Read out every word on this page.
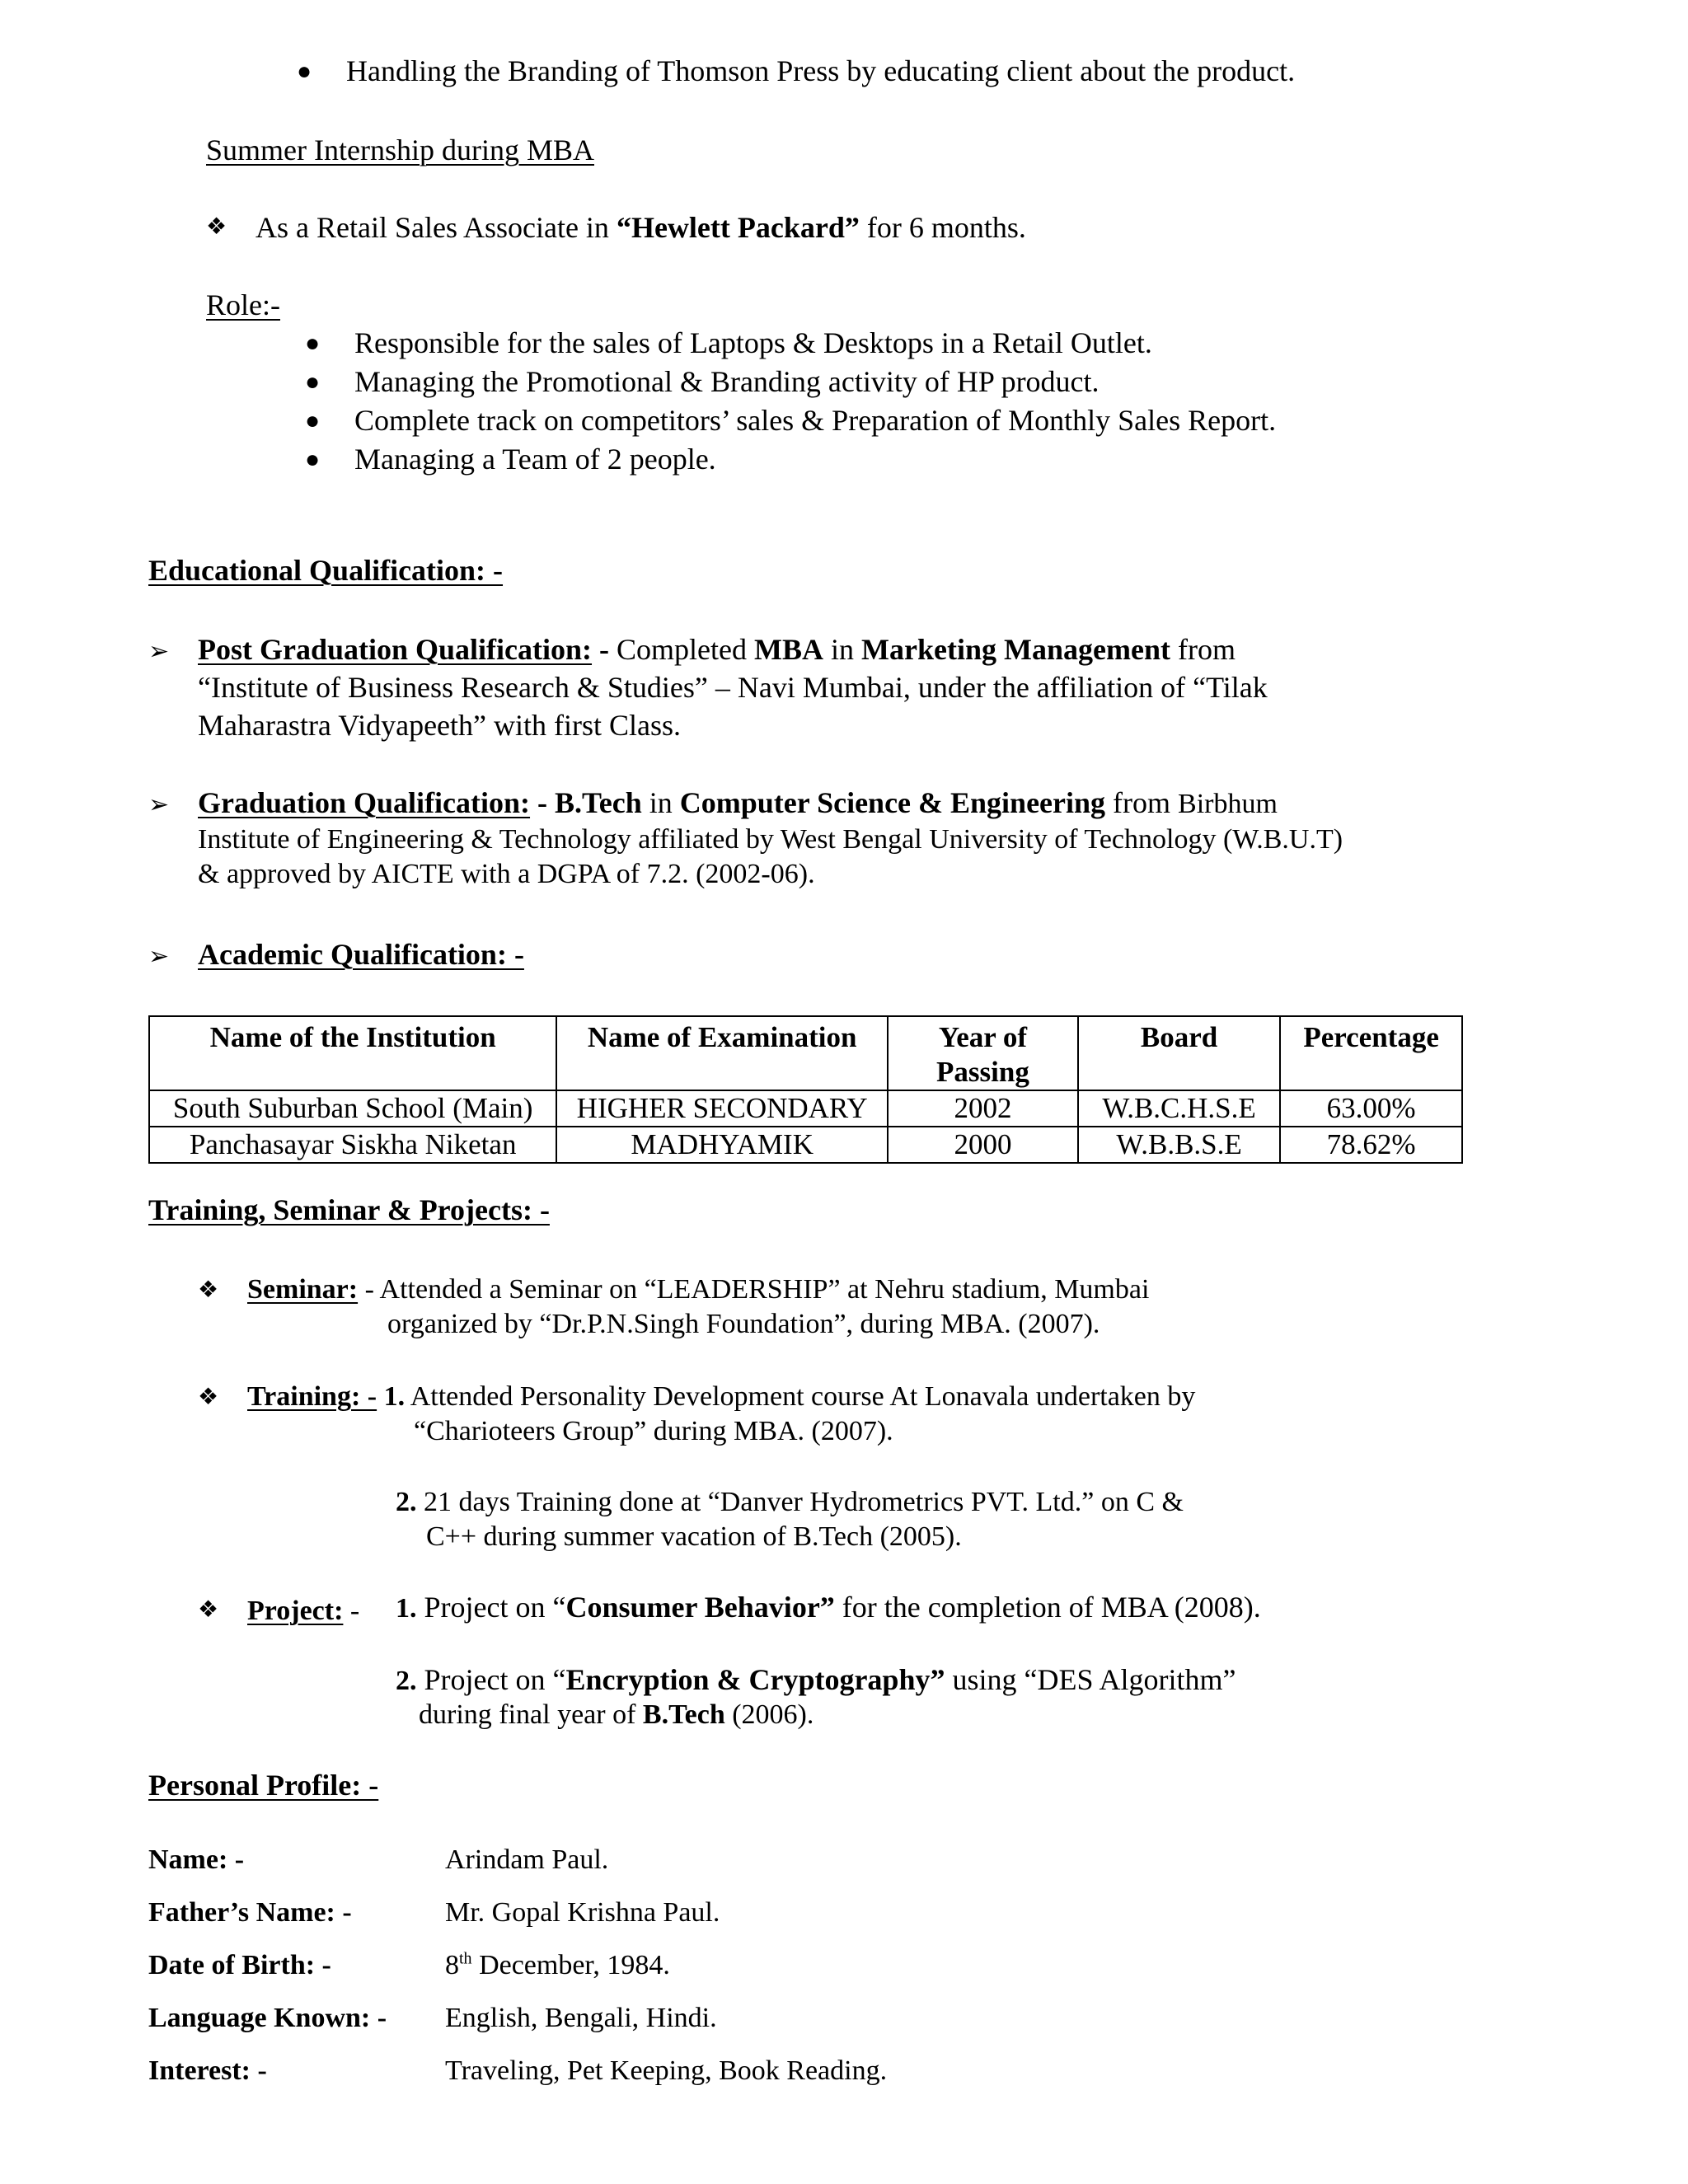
● Handling the Branding of Thomson Press by educating client about the product.
Summer Internship during MBA
❖ As a Retail Sales Associate in “Hewlett Packard” for 6 months.
Role:-
● Responsible for the sales of Laptops & Desktops in a Retail Outlet.
● Managing the Promotional & Branding activity of HP product.
● Complete track on competitors’ sales & Preparation of Monthly Sales Report.
● Managing a Team of 2 people.
Educational Qualification: -
➢ Post Graduation Qualification: - Completed MBA in Marketing Management from
“Institute of Business Research & Studies” – Navi Mumbai, under the affiliation of “Tilak
Maharastra Vidyapeeth” with first Class.
➢ Graduation Qualification: - B.Tech in Computer Science & Engineering from Birbhum
Institute of Engineering & Technology affiliated by West Bengal University of Technology (W.B.U.T)
& approved by AICTE with a DGPA of 7.2. (2002-06).
➢ Academic Qualification: -
Name of the Institution	Name of Examination	Year of Passing	Board	Percentage
South Suburban School (Main)	HIGHER SECONDARY	2002	W.B.C.H.S.E	63.00%
Panchasayar Siskha Niketan	MADHYAMIK	2000	W.B.B.S.E	78.62%
Training, Seminar & Projects: -
❖ Seminar: - Attended a Seminar on “LEADERSHIP” at Nehru stadium, Mumbai
organized by “Dr.P.N.Singh Foundation”, during MBA. (2007).
❖ Training: - 1. Attended Personality Development course At Lonavala undertaken by
“Charioteers Group” during MBA. (2007).
2. 21 days Training done at “Danver Hydrometrics PVT. Ltd.” on C &
C++ during summer vacation of B.Tech (2005).
❖ Project: - 1. Project on “Consumer Behavior” for the completion of MBA (2008).
2. Project on “Encryption & Cryptography” using “DES Algorithm”
during final year of B.Tech (2006).
Personal Profile: -
Name: -	Arindam Paul.
Father’s Name: -	Mr. Gopal Krishna Paul.
Date of Birth: -	8th December, 1984.
Language Known: - English, Bengali, Hindi.
Interest: -	Traveling, Pet Keeping, Book Reading.
